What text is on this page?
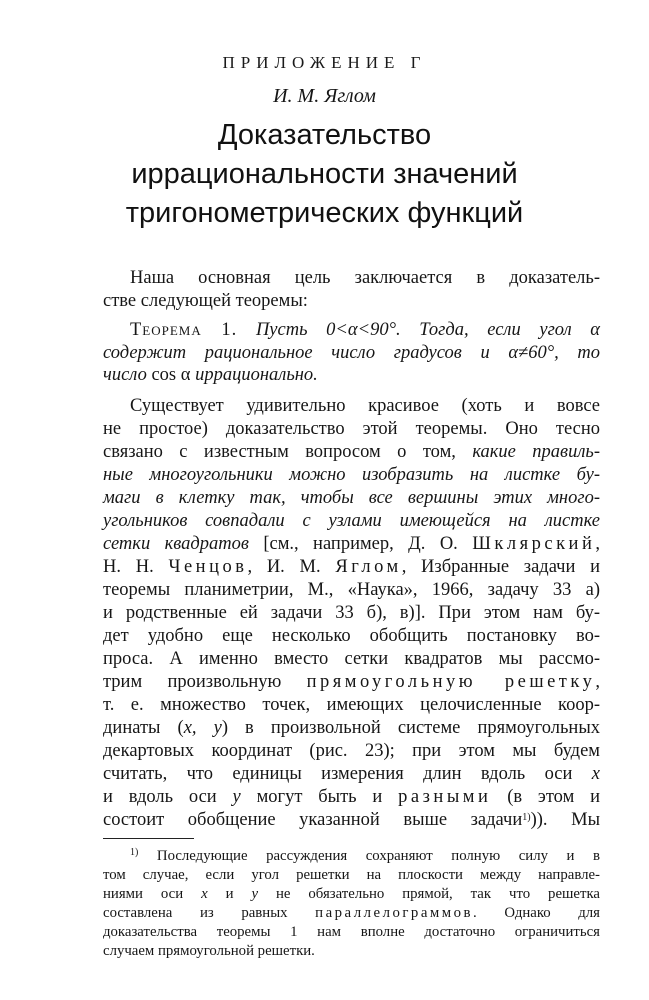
ПРИЛОЖЕНИЕ Г
И. М. Яглом
Доказательство
иррациональности значений
тригонометрических функций
Наша основная цель заключается в доказатель-
стве следующей теоремы:
Теорема 1. Пусть 0<α<90°. Тогда, если угол α
содержит рациональное число градусов и α≠60°, то
число cos α иррационально.
Существует удивительно красивое (хоть и вовсе
не простое) доказательство этой теоремы. Оно тесно
связано с известным вопросом о том, какие правиль-
ные многоугольники можно изобразить на листке бу-
маги в клетку так, чтобы все вершины этих много-
угольников совпадали с узлами имеющейся на листке
сетки квадратов [см., например, Д. О. Шклярский,
Н. Н. Ченцов, И. М. Яглом, Избранные задачи и
теоремы планиметрии, М., «Наука», 1966, задачу 33 а)
и родственные ей задачи 33 б), в)]. При этом нам бу-
дет удобно еще несколько обобщить постановку во-
проса. А именно вместо сетки квадратов мы рассмо-
трим произвольную прямоугольную решетку,
т. е. множество точек, имеющих целочисленные коор-
динаты (x, y) в произвольной системе прямоугольных
декартовых координат (рис. 23); при этом мы будем
считать, что единицы измерения длин вдоль оси x
и вдоль оси y могут быть и разными (в этом и
состоит обобщение указанной выше задачи$^{1)}$)). Мы
$^{1)}$ Последующие рассуждения сохраняют полную силу и в
том случае, если угол решетки на плоскости между направле-
ниями оси x и y не обязательно прямой, так что решетка
составлена из равных параллелограммов. Однако для
доказательства теоремы 1 нам вполне достаточно ограничиться
случаем прямоугольной решетки.
